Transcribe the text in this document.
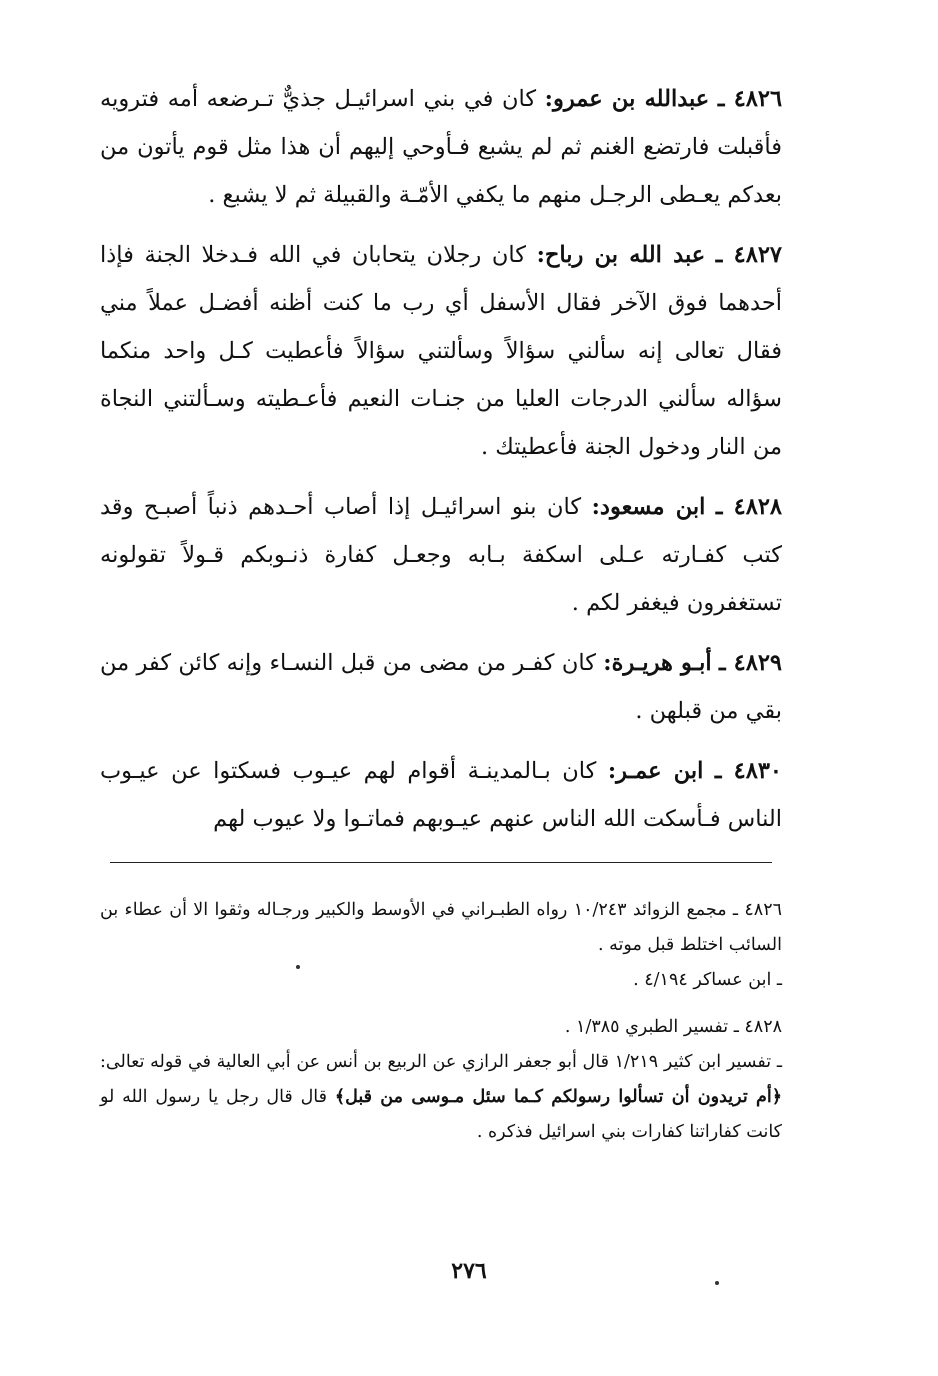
٤٨٢٦ ـ عبدالله بن عمرو: كان في بني اسرائيـل جذيٌّ تـرضعه أمه فترويه فأقبلت فارتضع الغنم ثم لم يشبع فـأوحي إليهم أن هذا مثل قوم يأتون من بعدكم يعـطى الرجـل منهم ما يكفي الأمّـة والقبيلة ثم لا يشبع .

٤٨٢٧ ـ عبد الله بن رباح: كان رجلان يتحابان في الله فـدخلا الجنة فإذا أحدهما فوق الآخر فقال الأسفل أي رب ما كنت أظنه أفضـل عملاً مني فقال تعالى إنه سألني سؤالاً وسألتني سؤالاً فأعطيت كـل واحد منكما سؤاله سألني الدرجات العليا من جنـات النعيم فأعـطيته وسـألتني النجاة من النار ودخول الجنة فأعطيتك .

٤٨٢٨ ـ ابن مسعود: كان بنو اسرائيـل إذا أصاب أحـدهم ذنباً أصبـح وقد كتب كفـارته عـلى اسكفة بـابه وجعـل كفارة ذنـوبكم قـولاً تقولونه تستغفرون فيغفر لكم .

٤٨٢٩ ـ أبـو هريـرة: كان كفـر من مضى من قبل النسـاء وإنه كائن كفر من بقي من قبلهن .

٤٨٣٠ ـ ابن عمـر: كان بـالمدينـة أقوام لهم عيـوب فسكتوا عن عيـوب الناس فـأسكت الله الناس عنهم عيـوبهم فماتـوا ولا عيوب لهم

٤٨٢٦ ـ مجمع الزوائد ١٠/٢٤٣ رواه الطبـراني في الأوسط والكبير ورجـاله وثقوا الا أن عطاء بن السائب اختلط قبل موته .

ـ ابن عساكر ٤/١٩٤ .

٤٨٢٨ ـ تفسير الطبري ١/٣٨٥ .

ـ تفسير ابن كثير ١/٢١٩ قال أبو جعفر الرازي عن الربيع بن أنس عن أبي العالية في قوله تعالى: ﴿أم تريدون أن تسألوا رسولكم كـما سئل مـوسى من قبل﴾ قال قال رجل يا رسول الله لو كانت كفاراتنا كفارات بني اسرائيل فذكره .

٢٧٦
